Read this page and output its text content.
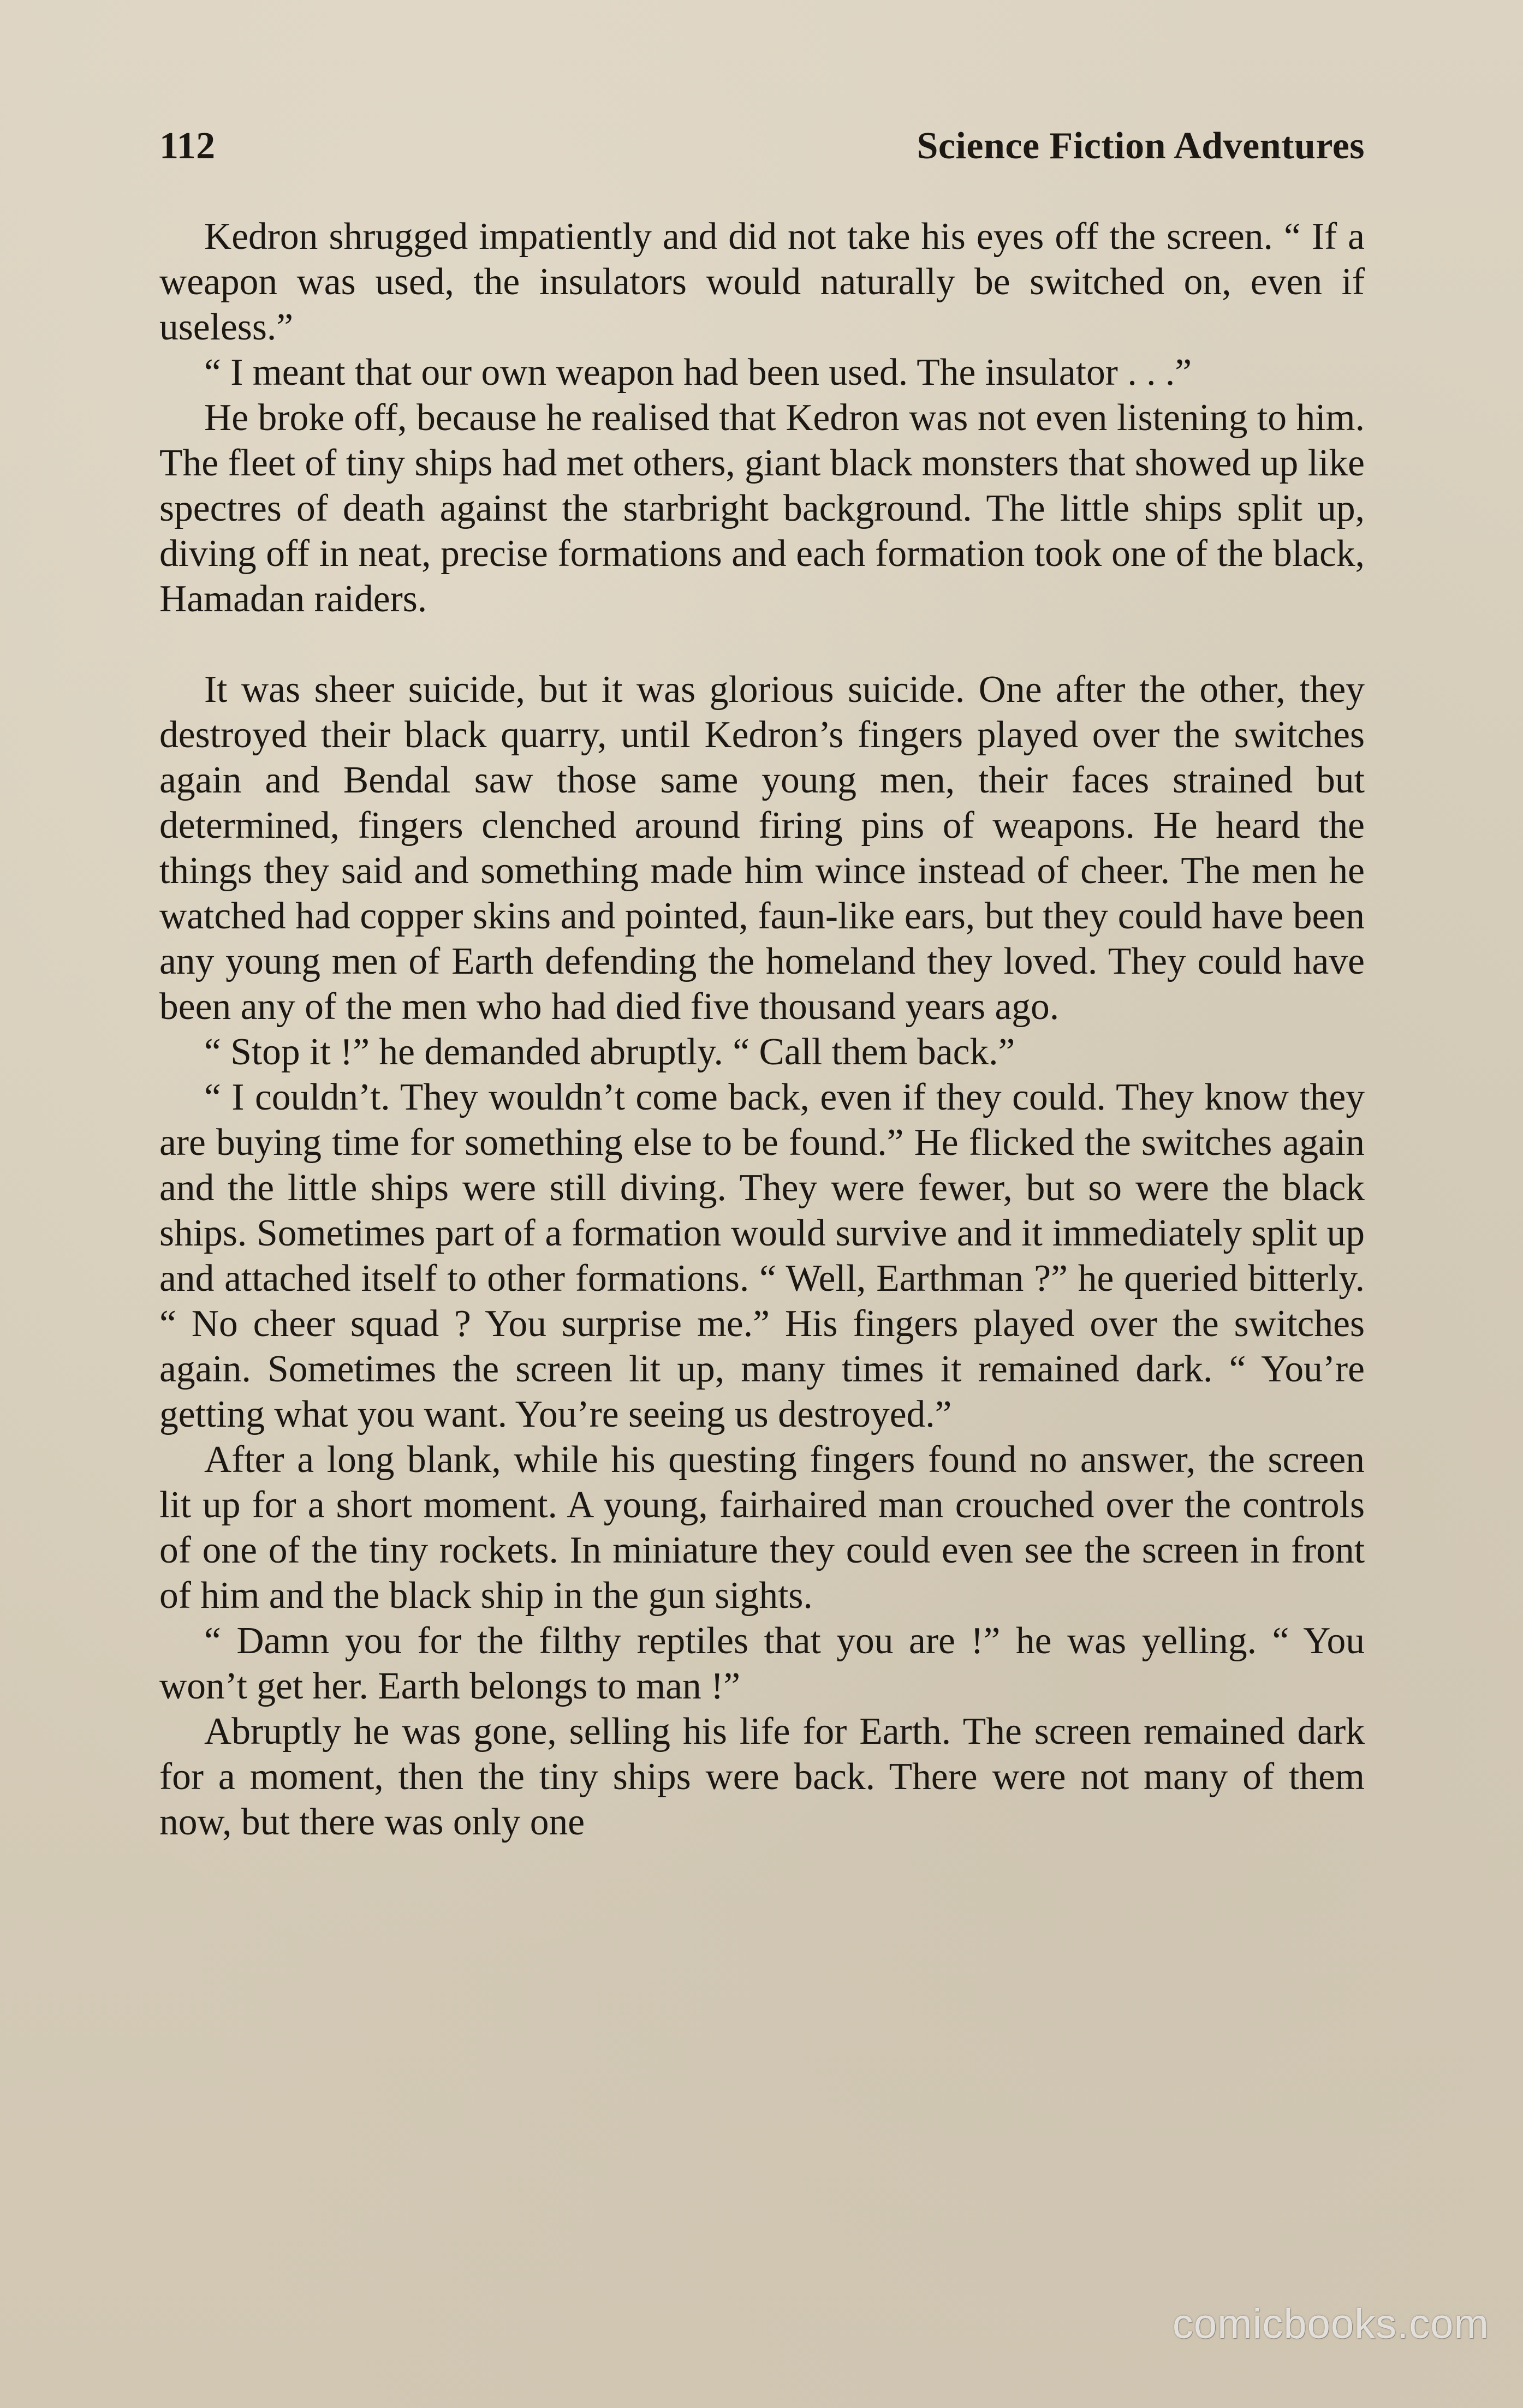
112	Science Fiction Adventures

Kedron shrugged impatiently and did not take his eyes off the screen. “ If a weapon was used, the insulators would naturally be switched on, even if useless.”

“ I meant that our own weapon had been used. The insulator . . .”

He broke off, because he realised that Kedron was not even listening to him. The fleet of tiny ships had met others, giant black monsters that showed up like spectres of death against the starbright background. The little ships split up, diving off in neat, precise formations and each formation took one of the black, Hamadan raiders.

It was sheer suicide, but it was glorious suicide. One after the other, they destroyed their black quarry, until Kedron’s fingers played over the switches again and Bendal saw those same young men, their faces strained but determined, fingers clenched around firing pins of weapons. He heard the things they said and something made him wince instead of cheer. The men he watched had copper skins and pointed, faun-like ears, but they could have been any young men of Earth defending the homeland they loved. They could have been any of the men who had died five thousand years ago.

“ Stop it !” he demanded abruptly. “ Call them back.”

“ I couldn’t. They wouldn’t come back, even if they could. They know they are buying time for something else to be found.” He flicked the switches again and the little ships were still diving. They were fewer, but so were the black ships. Sometimes part of a formation would survive and it immediately split up and attached itself to other formations. “ Well, Earthman ?” he queried bitterly. “ No cheer squad ? You surprise me.” His fingers played over the switches again. Sometimes the screen lit up, many times it remained dark. “ You’re getting what you want. You’re seeing us destroyed.”

After a long blank, while his questing fingers found no answer, the screen lit up for a short moment. A young, fairhaired man crouched over the controls of one of the tiny rockets. In miniature they could even see the screen in front of him and the black ship in the gun sights.

“ Damn you for the filthy reptiles that you are !” he was yelling. “ You won’t get her. Earth belongs to man !”

Abruptly he was gone, selling his life for Earth. The screen remained dark for a moment, then the tiny ships were back. There were not many of them now, but there was only one

comicbooks.com
